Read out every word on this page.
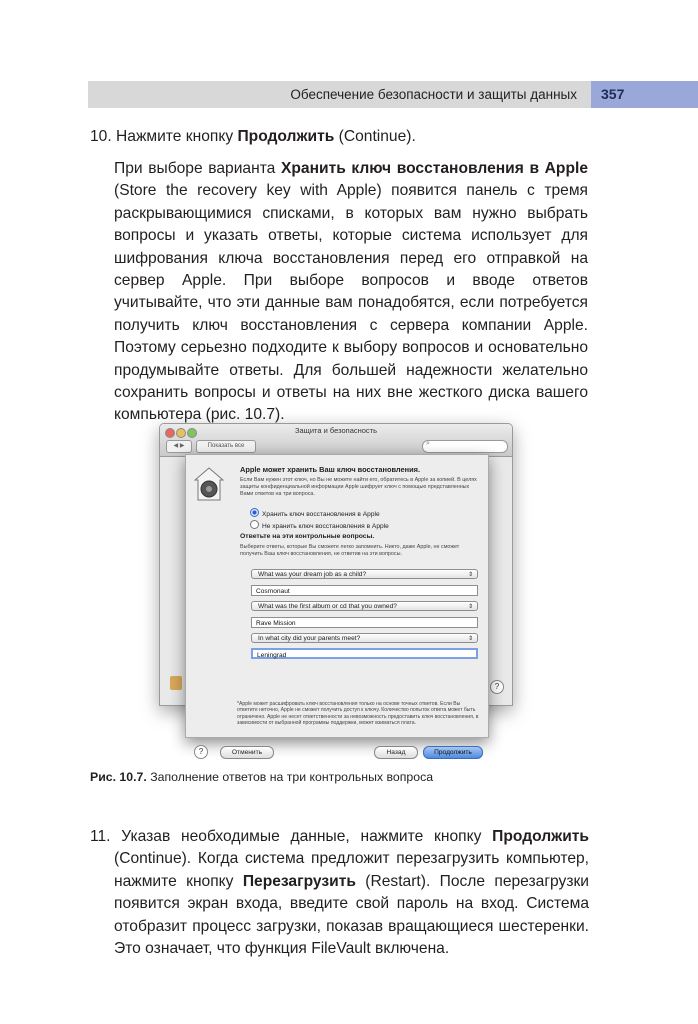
Обеспечение безопасности и защиты данных 357

10. Нажмите кнопку Продолжить (Continue).

При выборе варианта Хранить ключ восстановления в Apple (Store the recovery key with Apple) появится панель с тремя раскрывающимися списками, в которых вам нужно выбрать вопросы и указать ответы, которые система использует для шифрования ключа восстановления перед его отправкой на сервер Apple. При выборе вопросов и вводе ответов учитывайте, что эти данные вам понадобятся, если потребуется получить ключ восстановления с сервера компании Apple. Поэтому серьезно подходите к выбору вопросов и основательно продумывайте ответы. Для большей надежности желательно сохранить вопросы и ответы на них вне жесткого диска вашего компьютера (рис. 10.7).

Защита и безопасность
◀ ▶	Показать все	⌕
?
Apple может хранить Ваш ключ восстановления.
Если Вам нужен этот ключ, но Вы не можете найти его, обратитесь в Apple за копией. В целях защиты конфиденциальной информации Apple шифрует ключ с помощью представленных Вами ответов на три вопроса.
Хранить ключ восстановления в Apple
Не хранить ключ восстановления в Apple
Ответьте на эти контрольные вопросы.
Выберите ответы, которые Вы сможете легко запомнить. Никто, даже Apple, не сможет получить Ваш ключ восстановления, не ответив на эти вопросы.
What was your dream job as a child?	⇕
Cosmonaut
What was the first album or cd that you owned?	⇕
Rave Mission
In what city did your parents meet?	⇕
Leningrad
*Apple может расшифровать ключ восстановления только на основе точных ответов. Если Вы ответите неточно, Apple не сможет получить доступ к ключу. Количество попыток ответа может быть ограничено. Apple не несет ответственности за невозможность предоставить ключ восстановления, в зависимости от выбранной программы поддержки, может взиматься плата.
?	Отменить	Назад	Продолжить
Рис. 10.7. Заполнение ответов на три контрольных вопроса

11. Указав необходимые данные, нажмите кнопку Продолжить (Continue). Когда система предложит перезагрузить компьютер, нажмите кнопку Перезагрузить (Restart). После перезагрузки появится экран входа, введите свой пароль на вход. Система отобразит процесс загрузки, показав вращающиеся шестеренки. Это означает, что функция FileVault включена.
